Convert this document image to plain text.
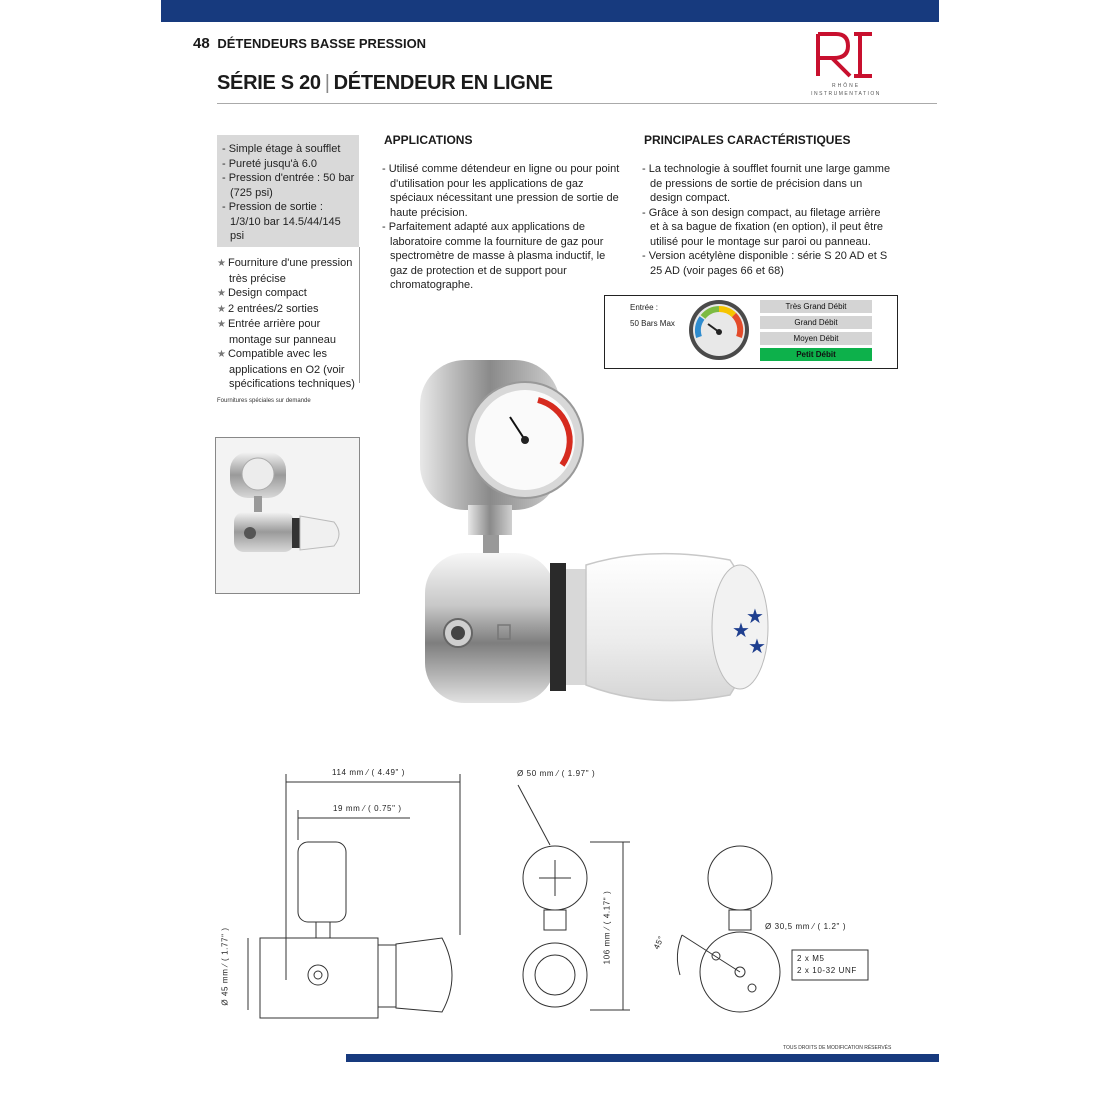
48 DÉTENDEURS BASSE PRESSION
SÉRIE S 20 | DÉTENDEUR EN LIGNE	RHÔNE
INSTRUMENTATION
- Simple étage à soufflet
- Pureté jusqu'à 6.0
- Pression d'entrée : 50 bar (725 psi)
- Pression de sortie : 1/3/10 bar 14.5/44/145 psi
★ Fourniture d'une pression très précise
★ Design compact
★ 2 entrées/2 sorties
★ Entrée arrière pour montage sur panneau
★ Compatible avec les applications en O2 (voir spécifications techniques)
Fournitures spéciales sur demande
APPLICATIONS
- Utilisé comme détendeur en ligne ou pour point d'utilisation pour les applications de gaz spéciaux nécessitant une pression de sortie de haute précision.
- Parfaitement adapté aux applications de laboratoire comme la fourniture de gaz pour spectromètre de masse à plasma inductif, le gaz de protection et de support pour chromatographe.
PRINCIPALES CARACTÉRISTIQUES
- La technologie à soufflet fournit une large gamme de pressions de sortie de précision dans un design compact.
- Grâce à son design compact, au filetage arrière et à sa bague de fixation (en option), il peut être utilisé pour le montage sur paroi ou panneau.
- Version acétylène disponible : série S 20 AD et S 25 AD (voir pages 66 et 68)
Entrée :
50 Bars Max
Très Grand Débit
Grand Débit
Moyen Débit
Petit Débit
★
★
★
114 mm ⁄ ( 4.49" )
19 mm ⁄ ( 0.75" )
Ø 45 mm ⁄ ( 1.77" )
Ø 50 mm ⁄ ( 1.97" )
106 mm ⁄ ( 4.17" )	Ø 30,5 mm ⁄ ( 1.2" )
45°
2 x M5
2 x 10-32 UNF
TOUS DROITS DE MODIFICATION RÉSERVÉS
